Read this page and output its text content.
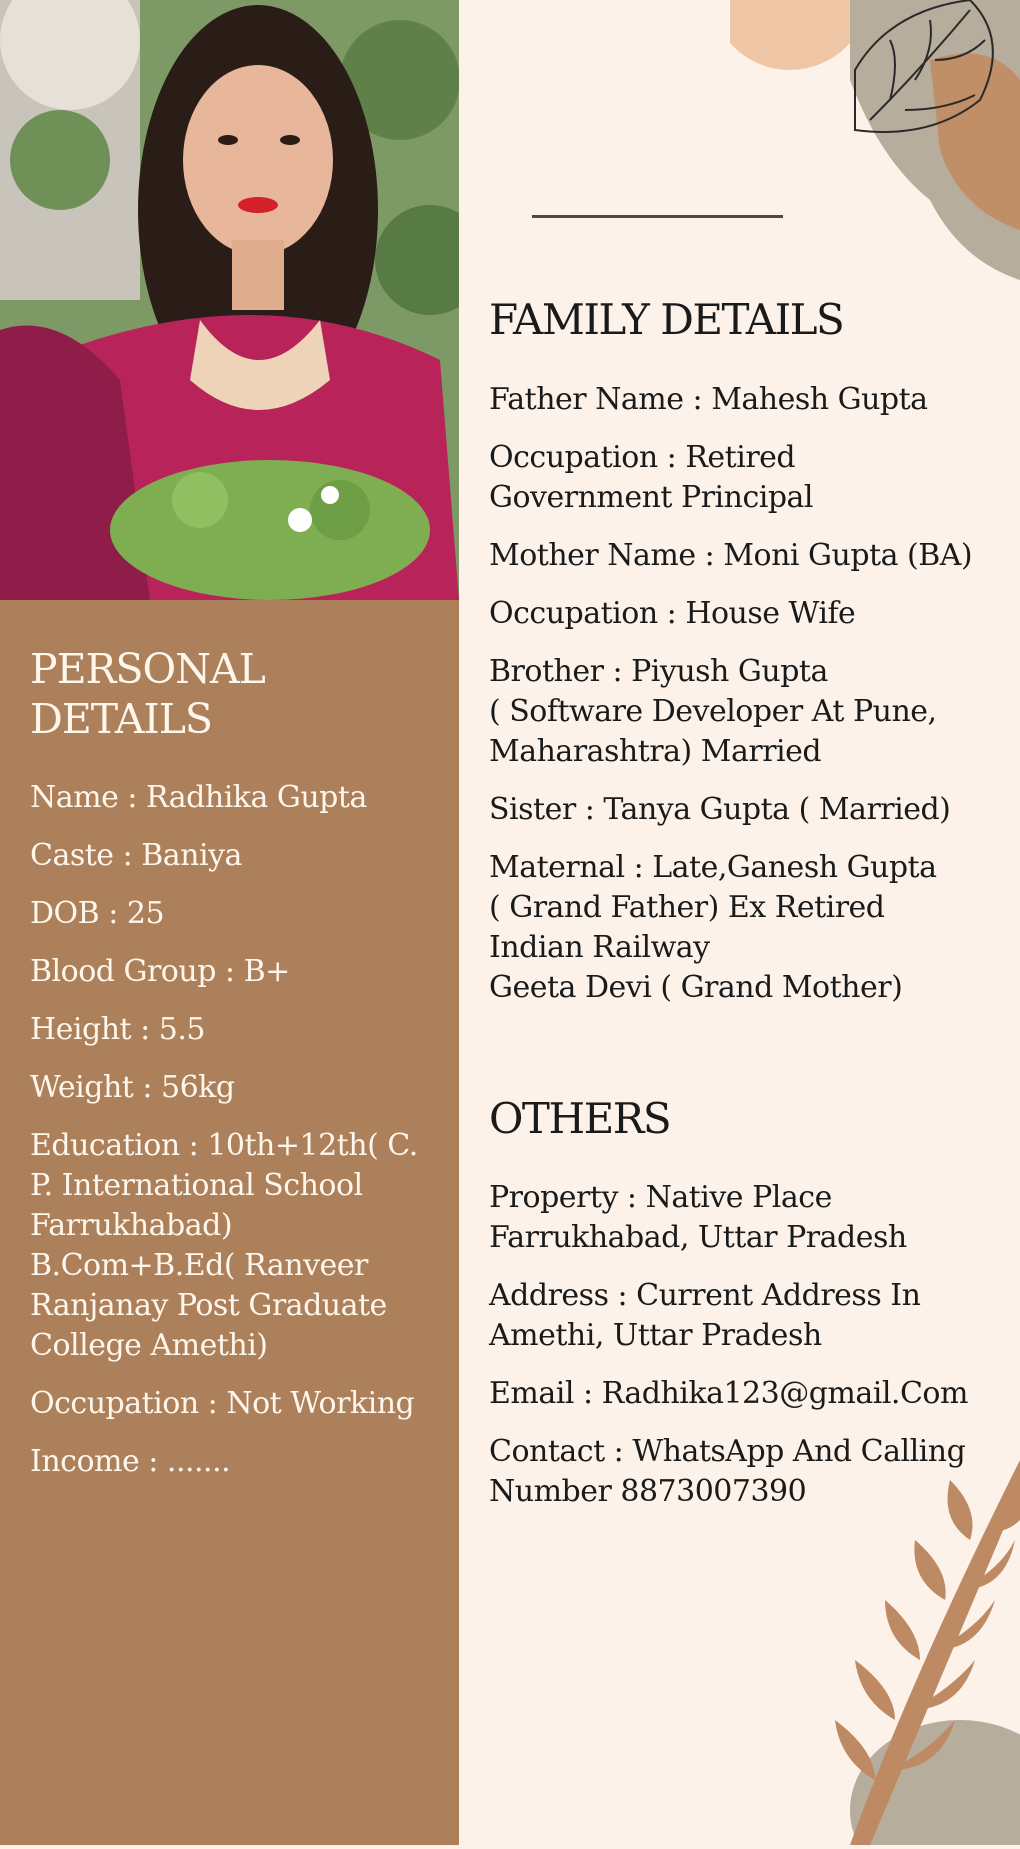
PERSONAL DETAILS
Name : Radhika Gupta
Caste : Baniya
DOB : 25
Blood Group : B+
Height : 5.5
Weight : 56kg
Education : 10th+12th( C. P. International School Farrukhabad) B.Com+B.Ed( Ranveer Ranjanay Post Graduate College Amethi)
Occupation : Not Working
Income : .......
FAMILY DETAILS
Father Name : Mahesh Gupta
Occupation : Retired
Government Principal
Mother Name : Moni Gupta (BA)
Occupation : House Wife
Brother : Piyush Gupta
( Software Developer At Pune,
Maharashtra) Married
Sister : Tanya Gupta ( Married)
Maternal : Late,Ganesh Gupta
( Grand Father) Ex Retired
Indian Railway
Geeta Devi ( Grand Mother)
OTHERS
Property : Native Place
Farrukhabad, Uttar Pradesh
Address : Current Address In
Amethi, Uttar Pradesh
Email : Radhika123@gmail.Com
Contact : WhatsApp And Calling
Number 8873007390
